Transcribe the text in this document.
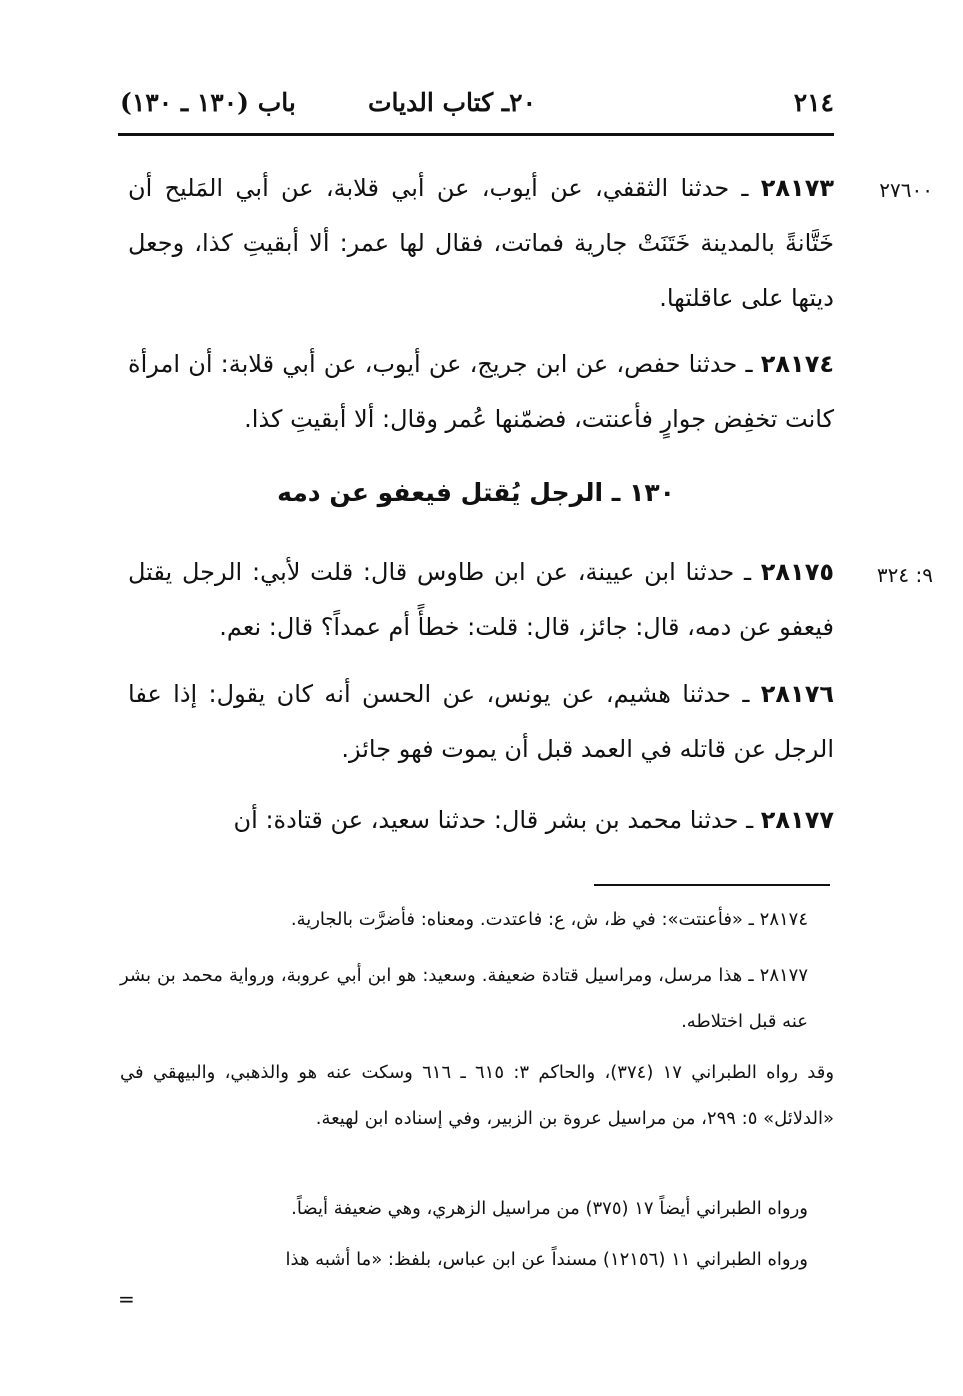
٢١٤
٢٠ـ كتاب الديات
باب (١٣٠ ـ ١٣٠)
٢٧٦٠٠
٩: ٣٢٤

٢٨١٧٣ ـ حدثنا الثقفي، عن أيوب، عن أبي قلابة، عن أبي المَليح أن خَتَّانةً بالمدينة خَتَنَتْ جارية فماتت، فقال لها عمر: ألا أبقيتِ كذا، وجعل ديتها على عاقلتها.

٢٨١٧٤ ـ حدثنا حفص، عن ابن جريج، عن أيوب، عن أبي قلابة: أن امرأة كانت تخفِض جوارٍ فأعنتت، فضمّنها عُمر وقال: ألا أبقيتِ كذا.

١٣٠ ـ الرجل يُقتل فيعفو عن دمه

٢٨١٧٥ ـ حدثنا ابن عيينة، عن ابن طاوس قال: قلت لأبي: الرجل يقتل فيعفو عن دمه، قال: جائز، قال: قلت: خطأً أم عمداً؟ قال: نعم.

٢٨١٧٦ ـ حدثنا هشيم، عن يونس، عن الحسن أنه كان يقول: إذا عفا الرجل عن قاتله في العمد قبل أن يموت فهو جائز.

٢٨١٧٧ ـ حدثنا محمد بن بشر قال: حدثنا سعيد، عن قتادة: أن

٢٨١٧٤ ـ «فأعنتت»: في ظ، ش، ع: فاعتدت. ومعناه: فأضرَّت بالجارية.

٢٨١٧٧ ـ هذا مرسل، ومراسيل قتادة ضعيفة. وسعيد: هو ابن أبي عروبة، ورواية محمد بن بشر عنه قبل اختلاطه.

وقد رواه الطبراني ١٧ (٣٧٤)، والحاكم ٣: ٦١٥ ـ ٦١٦ وسكت عنه هو والذهبي، والبيهقي في «الدلائل» ٥: ٢٩٩، من مراسيل عروة بن الزبير، وفي إسناده ابن لهيعة.

ورواه الطبراني أيضاً ١٧ (٣٧٥) من مراسيل الزهري، وهي ضعيفة أيضاً.

ورواه الطبراني ١١ (١٢١٥٦) مسنداً عن ابن عباس، بلفظ: «ما أشبه هذا

=
